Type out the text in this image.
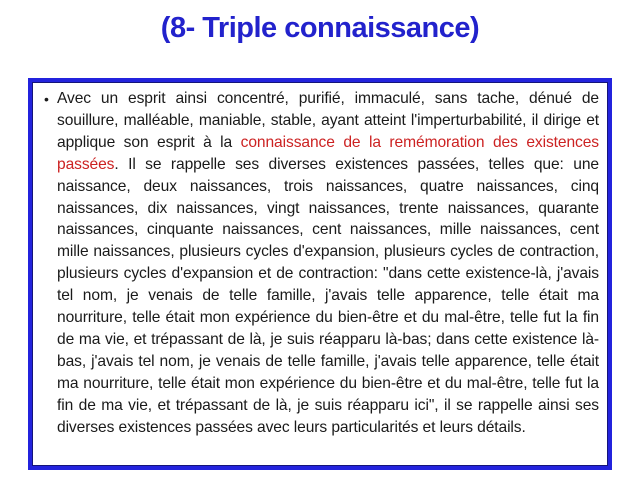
(8- Triple connaissance)
• Avec un esprit ainsi concentré, purifié, immaculé, sans tache, dénué de souillure, malléable, maniable, stable, ayant atteint l'imperturbabilité, il dirige et applique son esprit à la connaissance de la remémoration des existences passées. Il se rappelle ses diverses existences passées, telles que: une naissance, deux naissances, trois naissances, quatre naissances, cinq naissances, dix naissances, vingt naissances, trente naissances, quarante naissances, cinquante naissances, cent naissances, mille naissances, cent mille naissances, plusieurs cycles d'expansion, plusieurs cycles de contraction, plusieurs cycles d'expansion et de contraction: "dans cette existence-là, j'avais tel nom, je venais de telle famille, j'avais telle apparence, telle était ma nourriture, telle était mon expérience du bien-être et du mal-être, telle fut la fin de ma vie, et trépassant de là, je suis réapparu là-bas; dans cette existence là-bas, j'avais tel nom, je venais de telle famille, j'avais telle apparence, telle était ma nourriture, telle était mon expérience du bien-être et du mal-être, telle fut la fin de ma vie, et trépassant de là, je suis réapparu ici", il se rappelle ainsi ses diverses existences passées avec leurs particularités et leurs détails.
